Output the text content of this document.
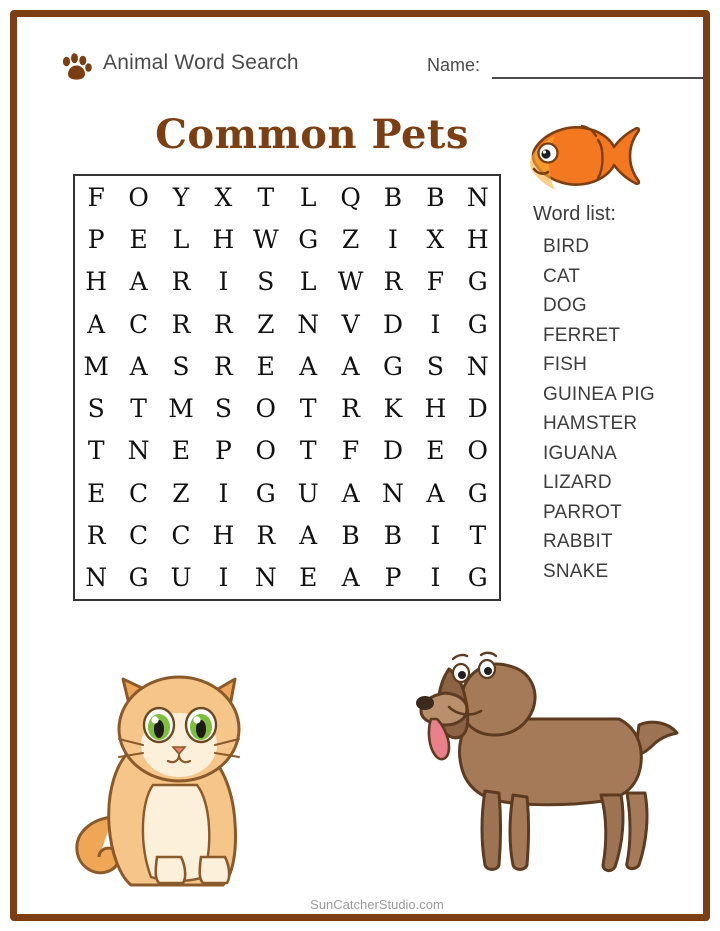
Animal Word Search	Name:
Common Pets
F O Y	X	T	L Q B B N
P E L H W G Z	I	X H
H A R	I	S	L W R F G
A C R R Z N V D	I	G
M A S R E A A G S N
S	T M S O T R K H D
T N E P O T	F D E O
E C Z	I	G U A N A G
R C C H R A B B	I	T
N G U	I	N E A P	I	G
Word list:
BIRD
CAT
DOG
FERRET
FISH
GUINEA PIG
HAMSTER
IGUANA
LIZARD
PARROT
RABBIT
SNAKE
SunCatcherStudio.com
